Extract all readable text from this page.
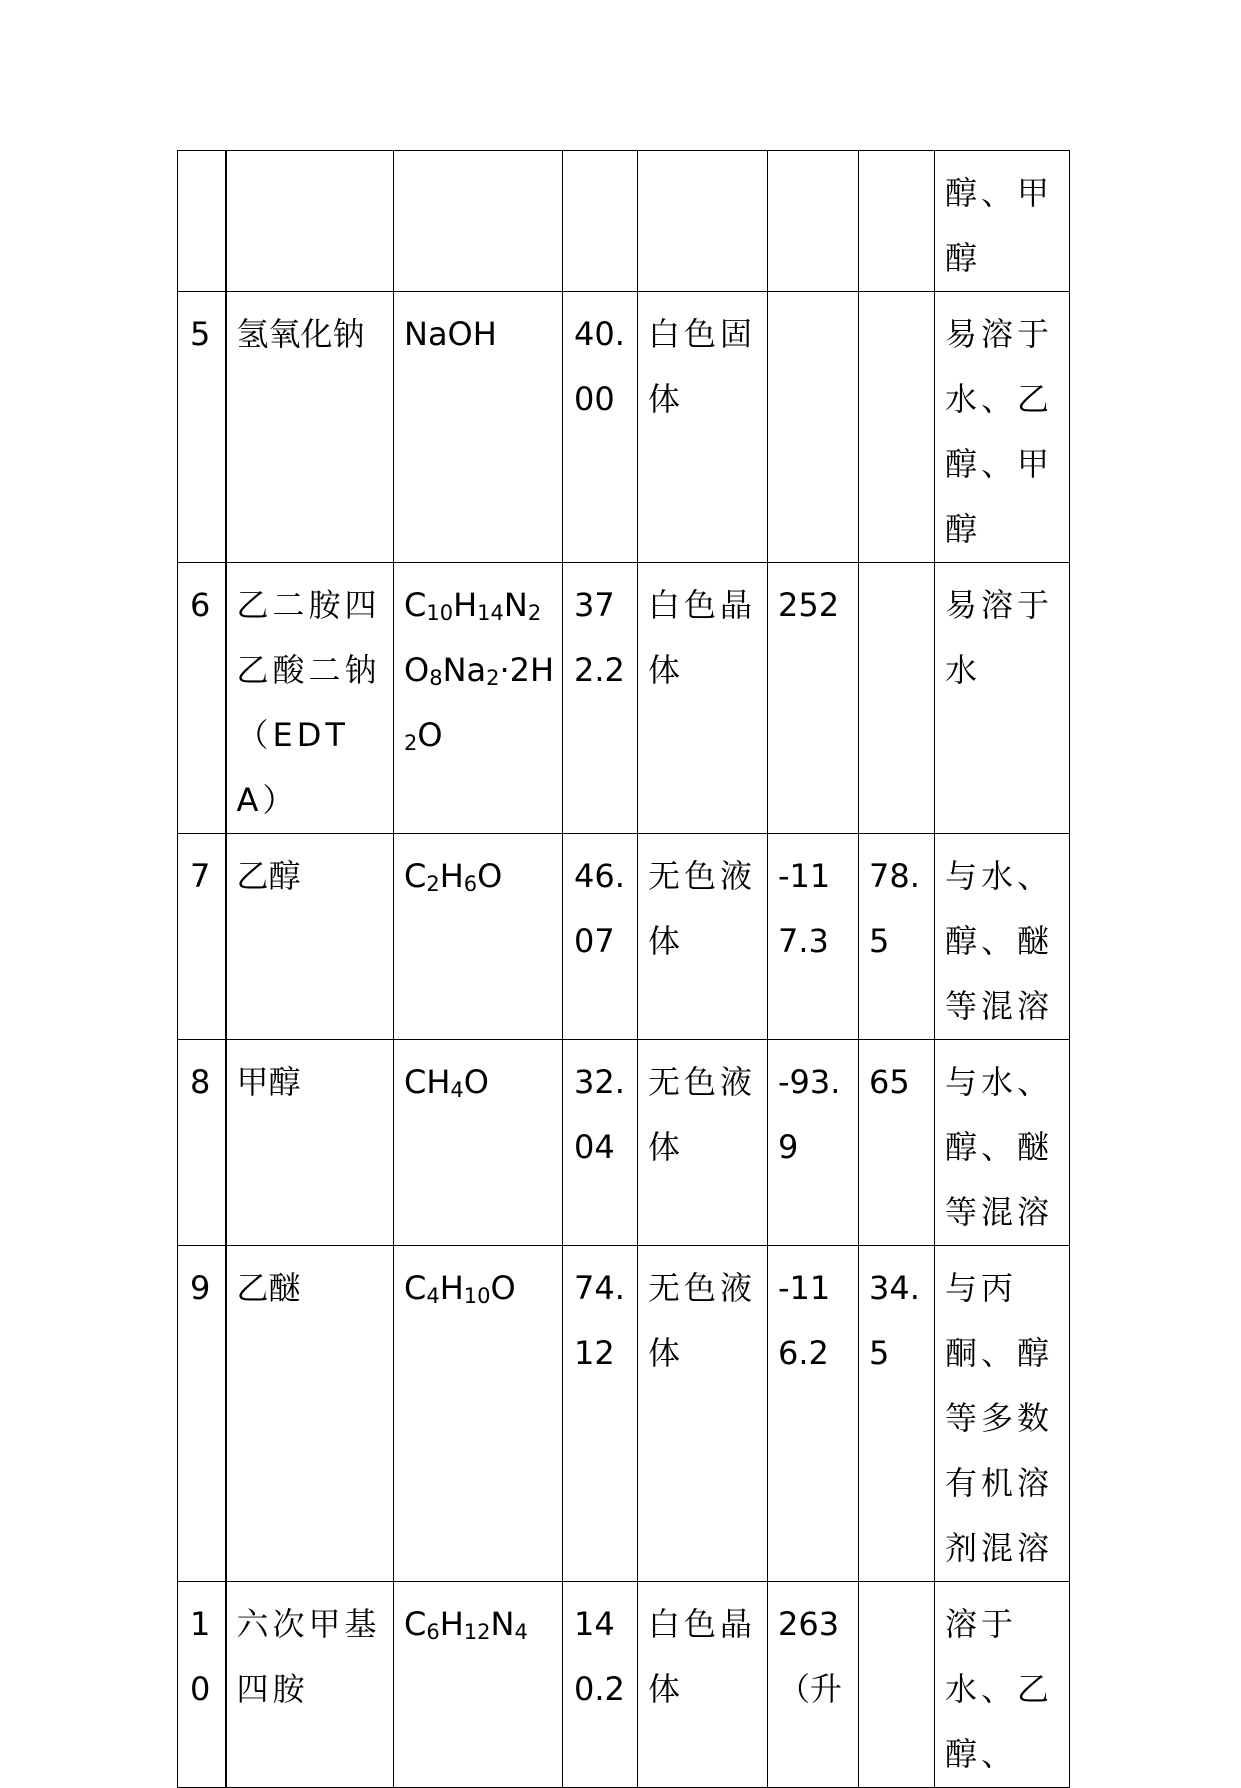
							醇、甲醇
5	氢氧化钠	NaOH	40.00	白色固体			易溶于水、乙醇、甲醇
6	乙二胺四乙酸二钠（EDTA）	$C_{10}H_{14}N_2O_8Na_2\cdot 2H_2O$	372.2	白色晶体	252		易溶于水
7	乙醇	$C_2H_6O$	46.07	无色液体	-117.3	78.5	与水、醇、醚等混溶
8	甲醇	$CH_4O$	32.04	无色液体	-93.9	65	与水、醇、醚等混溶
9	乙醚	$C_4H_{10}O$	74.12	无色液体	-116.2	34.5	与丙酮、醇等多数有机溶剂混溶
10	六次甲基四胺	$C_6H_{12}N_4$	140.2	白色晶体	263（升		溶于水、乙醇、
